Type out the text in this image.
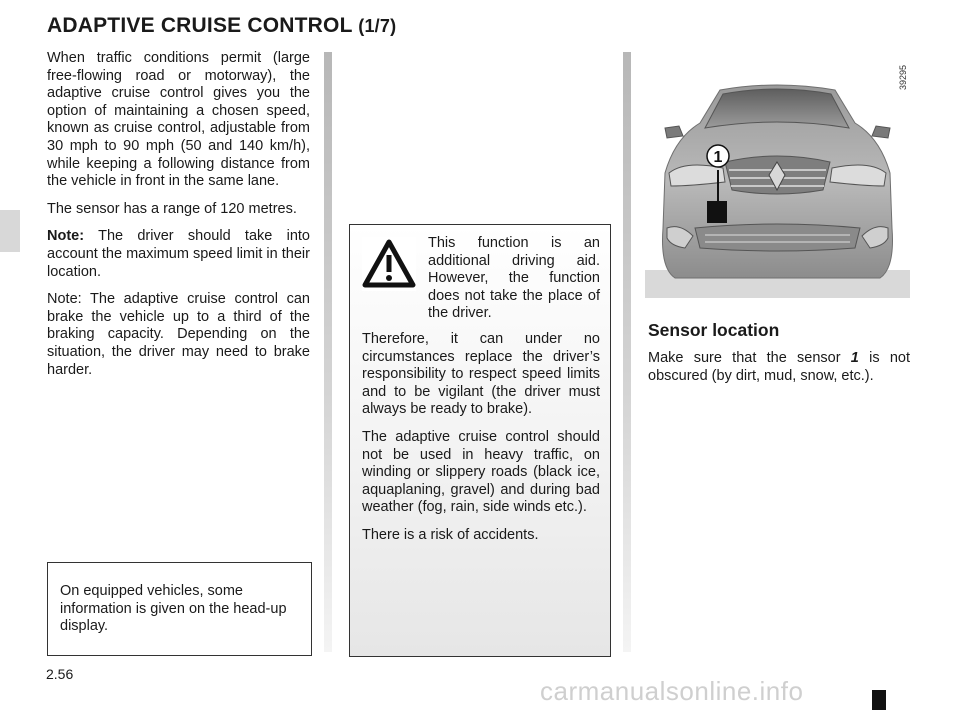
ADAPTIVE CRUISE CONTROL (1/7)

When traffic conditions permit (large free-flowing road or motorway), the adaptive cruise control gives you the option of maintaining a chosen speed, known as cruise control, adjustable from 30 mph to 90 mph (50 and 140 km/h), while keeping a following distance from the vehicle in front in the same lane.

The sensor has a range of 120 metres.

Note: The driver should take into account the maximum speed limit in their location.

Note: The adaptive cruise control can brake the vehicle up to a third of the braking capacity. Depending on the situation, the driver may need to brake harder.

On equipped vehicles, some information is given on the head-up display.

This function is an additional driving aid. However, the function does not take the place of the driver.

Therefore, it can under no circumstances replace the driver’s responsibility to respect speed limits and to be vigilant (the driver must always be ready to brake).

The adaptive cruise control should not be used in heavy traffic, on winding or slippery roads (black ice, aquaplaning, gravel) and during bad weather (fog, rain, side winds etc.).

There is a risk of accidents.

1
39295
Sensor location

Make sure that the sensor 1 is not obscured (by dirt, mud, snow, etc.).

2.56
carmanualsonline.info
